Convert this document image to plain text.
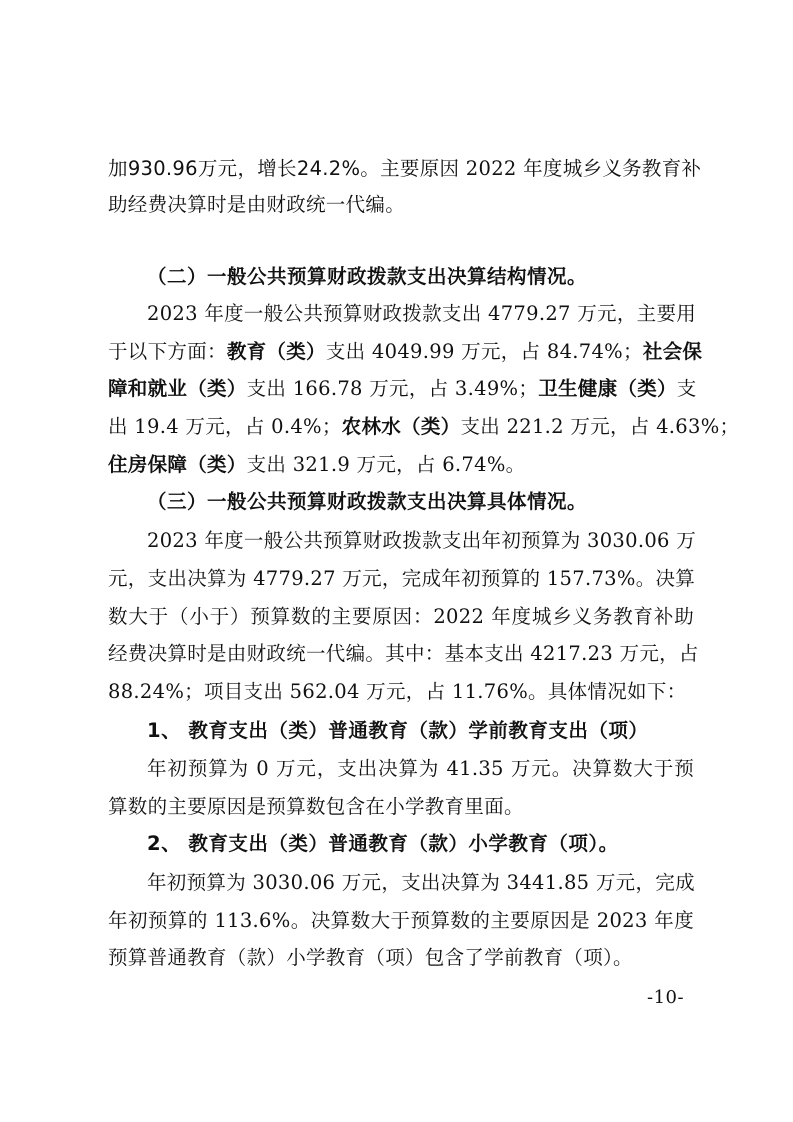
加930.96万元，增长24.2%。主要原因 2022 年度城乡义务教育补
助经费决算时是由财政统一代编。
（二）一般公共预算财政拨款支出决算结构情况。
2023 年度一般公共预算财政拨款支出 4779.27 万元，主要用
于以下方面：教育（类）支出 4049.99 万元，占 84.74%；社会保
障和就业（类）支出 166.78 万元，占 3.49%；卫生健康（类）支
出 19.4 万元，占 0.4%；农林水（类）支出 221.2 万元，占 4.63%；
住房保障（类）支出 321.9 万元，占 6.74%。
（三）一般公共预算财政拨款支出决算具体情况。
2023 年度一般公共预算财政拨款支出年初预算为 3030.06 万
元，支出决算为 4779.27 万元，完成年初预算的 157.73%。决算
数大于（小于）预算数的主要原因：2022 年度城乡义务教育补助
经费决算时是由财政统一代编。其中：基本支出 4217.23 万元，占
88.24%；项目支出 562.04 万元，占 11.76%。具体情况如下：
1、 教育支出（类）普通教育（款）学前教育支出（项）
年初预算为 0 万元，支出决算为 41.35 万元。决算数大于预
算数的主要原因是预算数包含在小学教育里面。
2、 教育支出（类）普通教育（款）小学教育（项）。
年初预算为 3030.06 万元，支出决算为 3441.85 万元，完成
年初预算的 113.6%。决算数大于预算数的主要原因是 2023 年度
预算普通教育（款）小学教育（项）包含了学前教育（项）。
-10-
